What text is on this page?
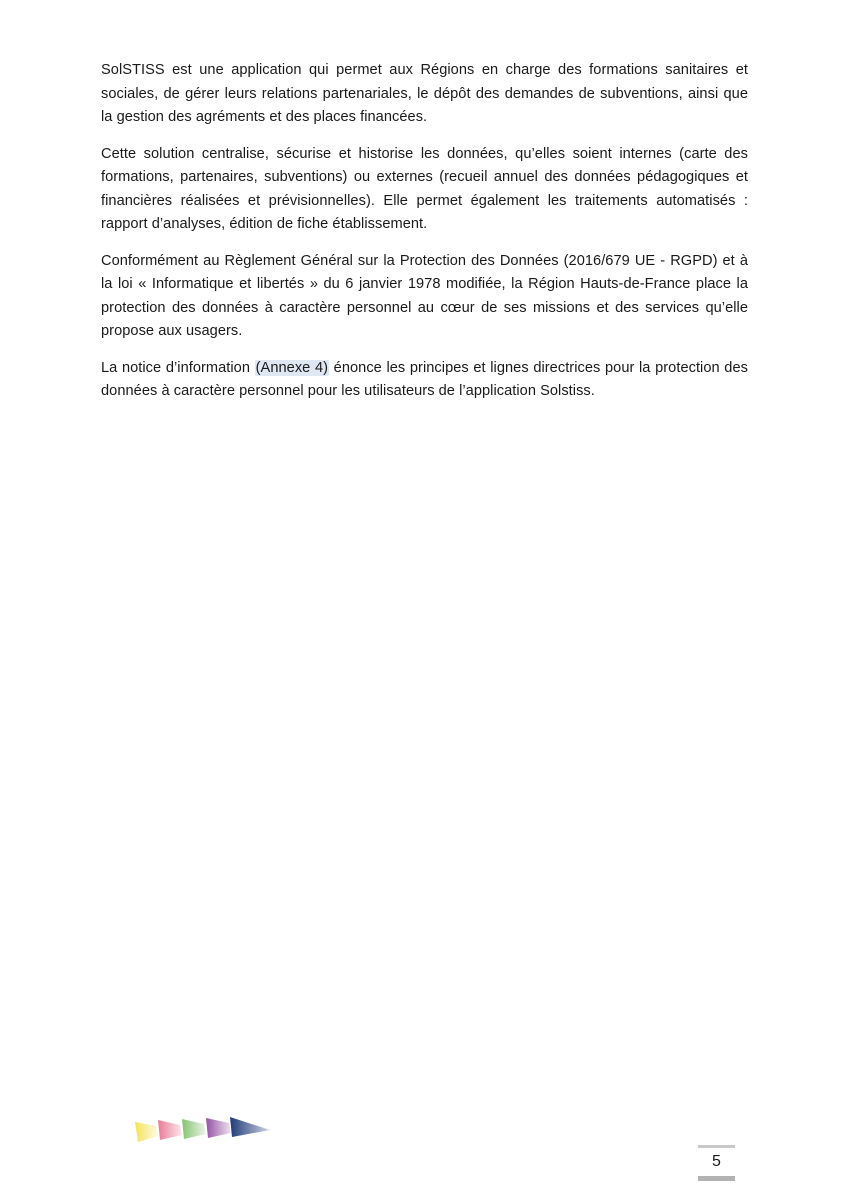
SolSTISS est une application qui permet aux Régions en charge des formations sanitaires et sociales, de gérer leurs relations partenariales, le dépôt des demandes de subventions, ainsi que la gestion des agréments et des places financées.

Cette solution centralise, sécurise et historise les données, qu’elles soient internes (carte des formations, partenaires, subventions) ou externes (recueil annuel des données pédagogiques et financières réalisées et prévisionnelles). Elle permet également les traitements automatisés : rapport d’analyses, édition de fiche établissement.

Conformément au Règlement Général sur la Protection des Données (2016/679 UE - RGPD) et à la loi « Informatique et libertés » du 6 janvier 1978 modifiée, la Région Hauts-de-France place la protection des données à caractère personnel au cœur de ses missions et des services qu’elle propose aux usagers.

La notice d’information (Annexe 4) énonce les principes et lignes directrices pour la protection des données à caractère personnel pour les utilisateurs de l’application Solstiss.

5
